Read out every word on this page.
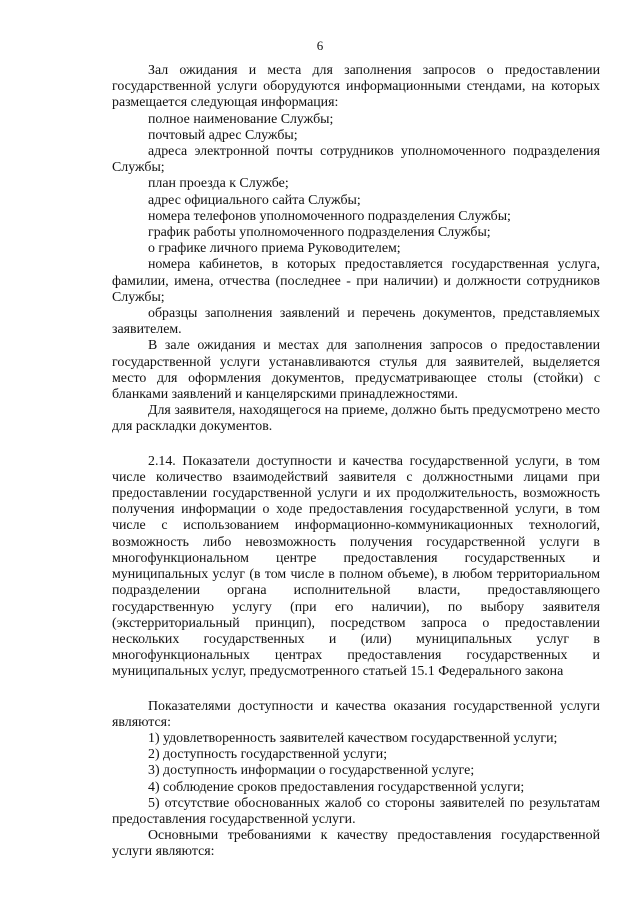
6

Зал ожидания и места для заполнения запросов о предоставлении государственной услуги оборудуются информационными стендами, на которых размещается следующая информация:

полное наименование Службы;

почтовый адрес Службы;

адреса электронной почты сотрудников уполномоченного подразделения Службы;

план проезда к Службе;

адрес официального сайта Службы;

номера телефонов уполномоченного подразделения Службы;

график работы уполномоченного подразделения Службы;

о графике личного приема Руководителем;

номера кабинетов, в которых предоставляется государственная услуга, фамилии, имена, отчества (последнее - при наличии) и должности сотрудников Службы;

образцы заполнения заявлений и перечень документов, представляемых заявителем.

В зале ожидания и местах для заполнения запросов о предоставлении государственной услуги устанавливаются стулья для заявителей, выделяется место для оформления документов, предусматривающее столы (стойки) с бланками заявлений и канцелярскими принадлежностями.

Для заявителя, находящегося на приеме, должно быть предусмотрено место для раскладки документов.

2.14. Показатели доступности и качества государственной услуги, в том числе количество взаимодействий заявителя с должностными лицами при предоставлении государственной услуги и их продолжительность, возможность получения информации о ходе предоставления государственной услуги, в том числе с использованием информационно-коммуникационных технологий, возможность либо невозможность получения государственной услуги в многофункциональном центре предоставления государственных и муниципальных услуг (в том числе в полном объеме), в любом территориальном подразделении органа исполнительной власти, предоставляющего государственную услугу (при его наличии), по выбору заявителя (экстерриториальный принцип), посредством запроса о предоставлении нескольких государственных и (или) муниципальных услуг в многофункциональных центрах предоставления государственных и муниципальных услуг, предусмотренного статьей 15.1 Федерального закона

Показателями доступности и качества оказания государственной услуги являются:

1) удовлетворенность заявителей качеством государственной услуги;

2) доступность государственной услуги;

3) доступность информации о государственной услуге;

4) соблюдение сроков предоставления государственной услуги;

5) отсутствие обоснованных жалоб со стороны заявителей по результатам предоставления государственной услуги.

Основными требованиями к качеству предоставления государственной услуги являются:
